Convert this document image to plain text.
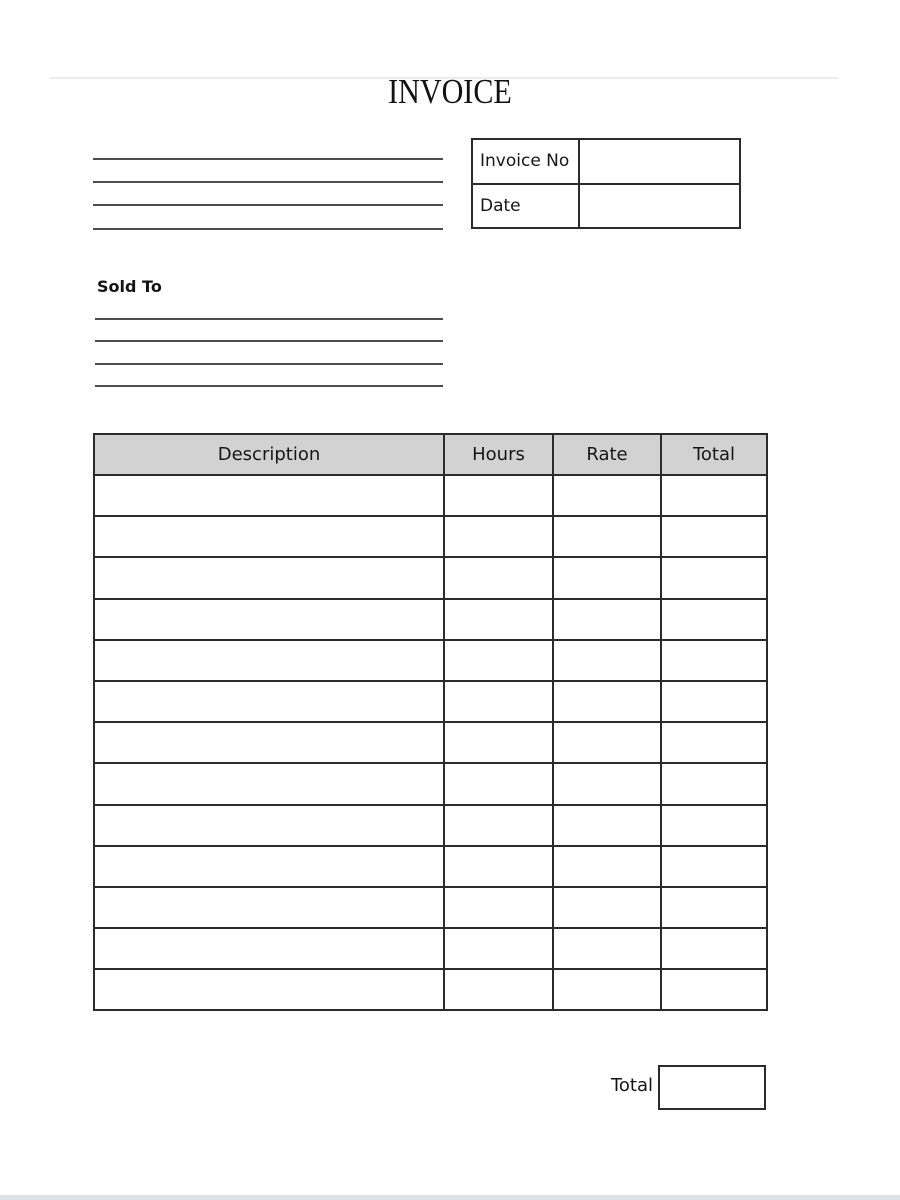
INVOICE
Invoice No
Date
Sold To
Description	Hours	Rate	Total

Total
